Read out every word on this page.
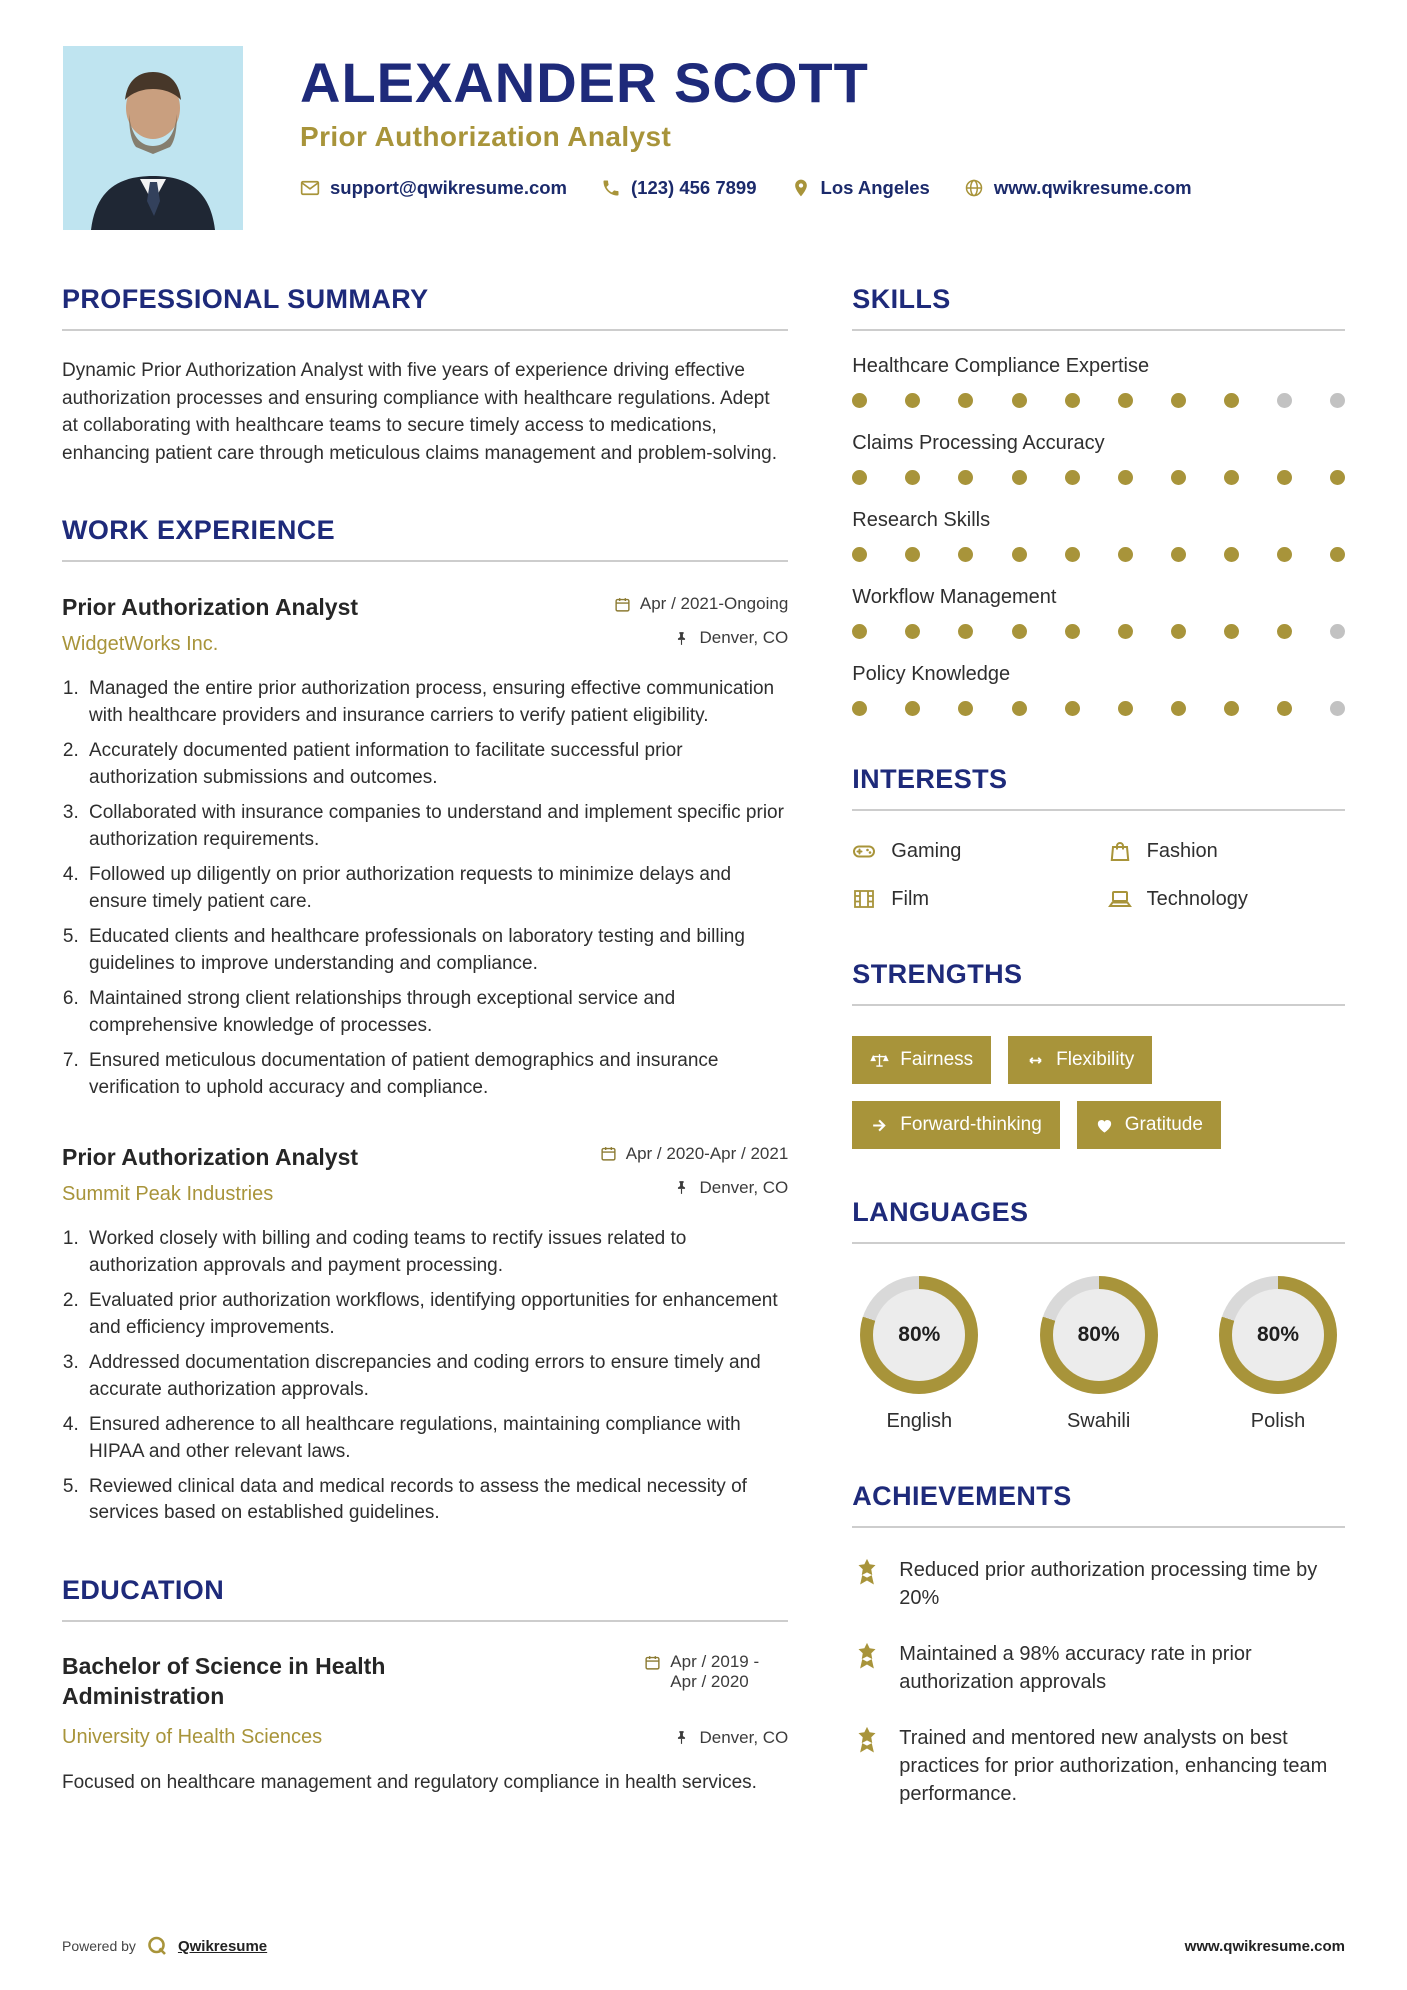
ALEXANDER SCOTT
Prior Authorization Analyst
support@qwikresume.com	(123) 456 7899	Los Angeles	www.qwikresume.com
PROFESSIONAL SUMMARY

Dynamic Prior Authorization Analyst with five years of experience driving effective authorization processes and ensuring compliance with healthcare regulations. Adept at collaborating with healthcare teams to secure timely access to medications, enhancing patient care through meticulous claims management and problem-solving.

WORK EXPERIENCE
Prior Authorization Analyst
WidgetWorks Inc.
Apr / 2021-Ongoing
Denver, CO
1. Managed the entire prior authorization process, ensuring effective communication with healthcare providers and insurance carriers to verify patient eligibility.
2. Accurately documented patient information to facilitate successful prior authorization submissions and outcomes.
3. Collaborated with insurance companies to understand and implement specific prior authorization requirements.
4. Followed up diligently on prior authorization requests to minimize delays and ensure timely patient care.
5. Educated clients and healthcare professionals on laboratory testing and billing guidelines to improve understanding and compliance.
6. Maintained strong client relationships through exceptional service and comprehensive knowledge of processes.
7. Ensured meticulous documentation of patient demographics and insurance verification to uphold accuracy and compliance.
Prior Authorization Analyst
Summit Peak Industries
Apr / 2020-Apr / 2021
Denver, CO
1. Worked closely with billing and coding teams to rectify issues related to authorization approvals and payment processing.
2. Evaluated prior authorization workflows, identifying opportunities for enhancement and efficiency improvements.
3. Addressed documentation discrepancies and coding errors to ensure timely and accurate authorization approvals.
4. Ensured adherence to all healthcare regulations, maintaining compliance with HIPAA and other relevant laws.
5. Reviewed clinical data and medical records to assess the medical necessity of services based on established guidelines.
EDUCATION
Bachelor of Science in Health Administration
Apr / 2019 - Apr / 2020
University of Health Sciences	Denver, CO

Focused on healthcare management and regulatory compliance in health services.

SKILLS
Healthcare Compliance Expertise
Claims Processing Accuracy
Research Skills
Workflow Management
Policy Knowledge
INTERESTS
Gaming	Fashion
Film	Technology
STRENGTHS
Fairness	Flexibility
Forward-thinking	Gratitude
LANGUAGES
80%
English
80%
Swahili
80%
Polish
ACHIEVEMENTS
Reduced prior authorization processing time by 20%
Maintained a 98% accuracy rate in prior authorization approvals
Trained and mentored new analysts on best practices for prior authorization, enhancing team performance.
Powered by	Qwikresume	www.qwikresume.com
